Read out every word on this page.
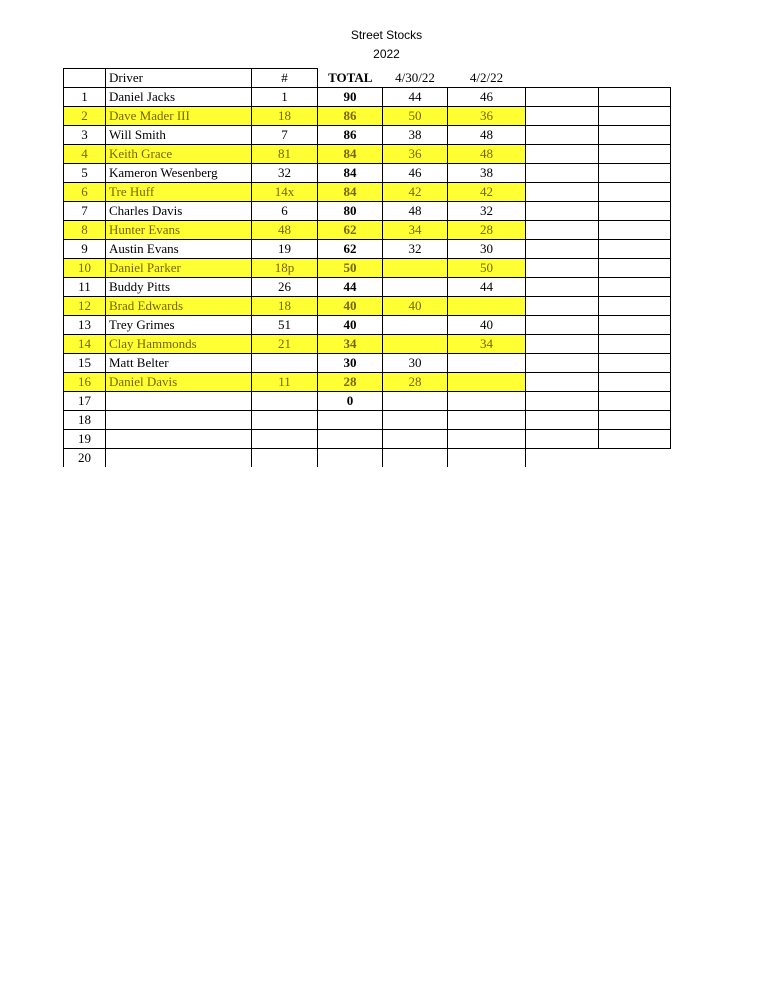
Street Stocks
2022
	Driver	#	TOTAL	4/30/22	4/2/22		
1	Daniel Jacks	1	90	44	46		
2	Dave Mader III	18	86	50	36		
3	Will Smith	7	86	38	48		
4	Keith Grace	81	84	36	48		
5	Kameron Wesenberg	32	84	46	38		
6	Tre Huff	14x	84	42	42		
7	Charles Davis	6	80	48	32		
8	Hunter Evans	48	62	34	28		
9	Austin Evans	19	62	32	30		
10	Daniel Parker	18p	50		50		
11	Buddy Pitts	26	44		44		
12	Brad Edwards	18	40	40			
13	Trey Grimes	51	40		40		
14	Clay Hammonds	21	34		34		
15	Matt Belter		30	30			
16	Daniel Davis	11	28	28			
17			0				
18							
19							
20							
